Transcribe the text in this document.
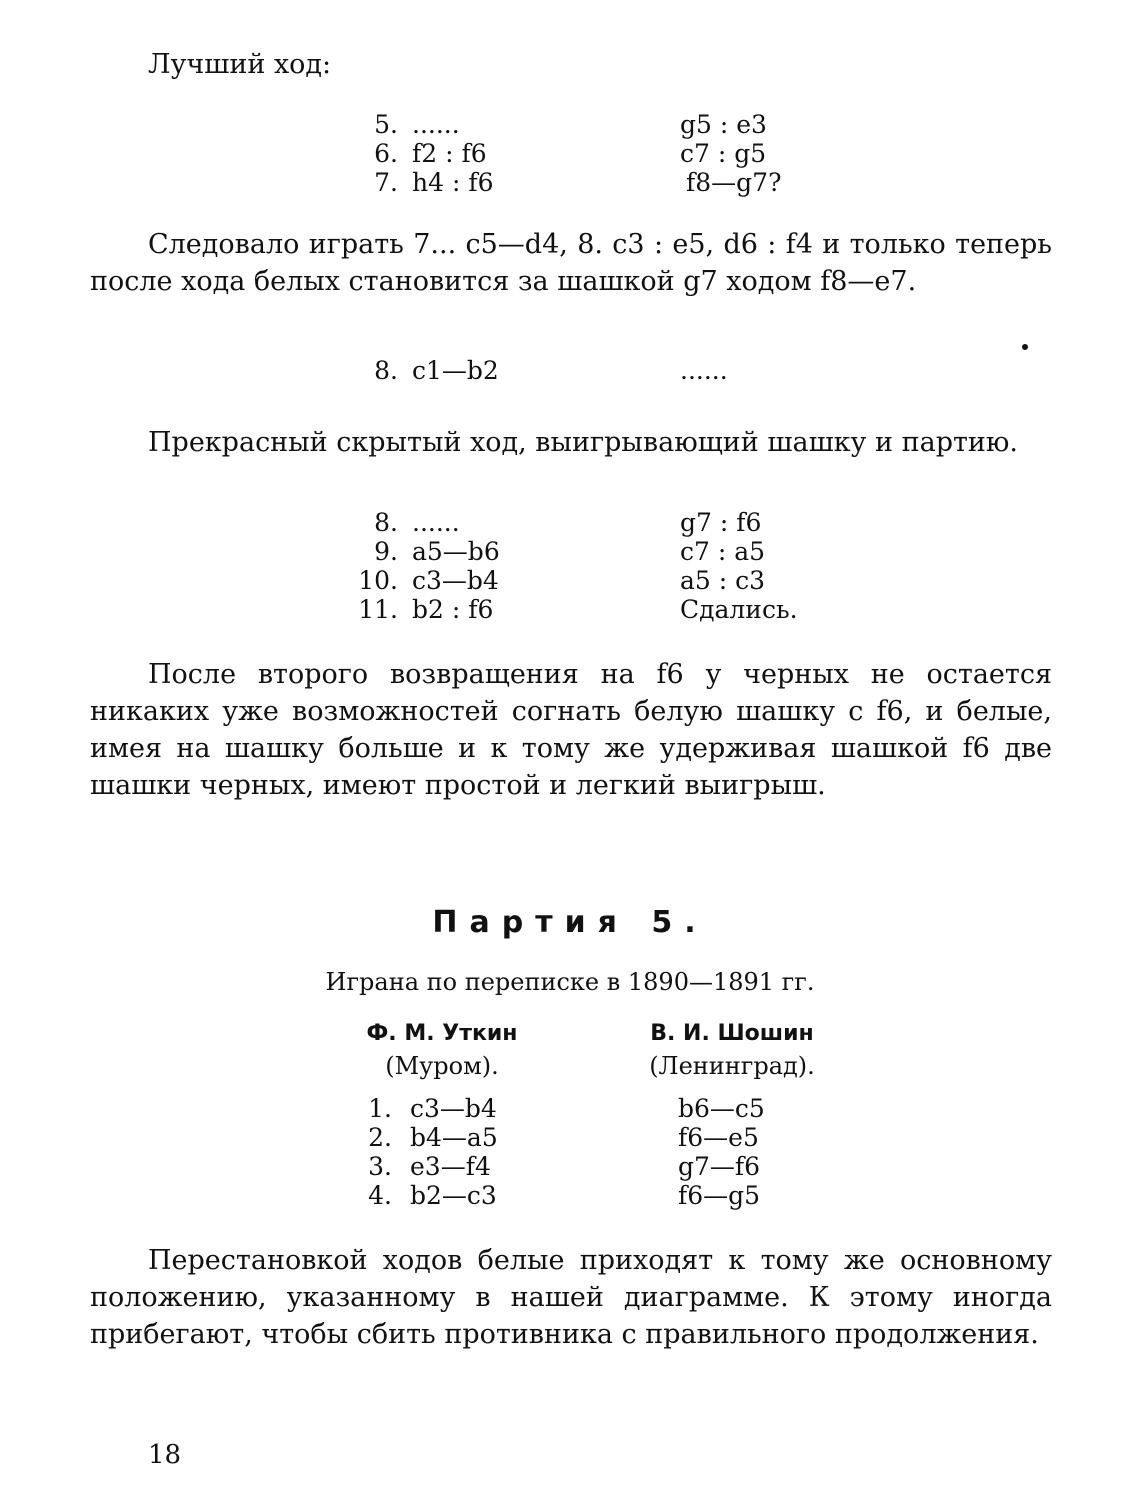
Лучший ход:

5. ......	g5 : e3
6. f2 : f6	c7 : g5
7. h4 : f6	f8—g7?

Следовало играть 7... c5—d4, 8. c3 : e5, d6 : f4 и только теперь после хода белых становится за шашкой g7 ходом f8—e7.

8. c1—b2	......

Прекрасный скрытый ход, выигрывающий шашку и партию.

8. ......	g7 : f6
9. a5—b6	c7 : a5
10. c3—b4	a5 : c3
11. b2 : f6	Сдались.

После второго возвращения на f6 у черных не остается никаких уже возможностей согнать белую шашку с f6, и белые, имея на шашку больше и к тому же удерживая шашкой f6 две шашки черных, имеют простой и легкий выигрыш.

Партия 5.
Играна по переписке в 1890—1891 гг.
Ф. М. Уткин
(Муром).
В. И. Шошин
(Ленинград).
1. c3—b4	b6—c5
2. b4—a5	f6—e5
3. e3—f4	g7—f6
4. b2—c3	f6—g5

Перестановкой ходов белые приходят к тому же основному положению, указанному в нашей диаграмме. К этому иногда прибегают, чтобы сбить противника с правильного продолжения.

18
